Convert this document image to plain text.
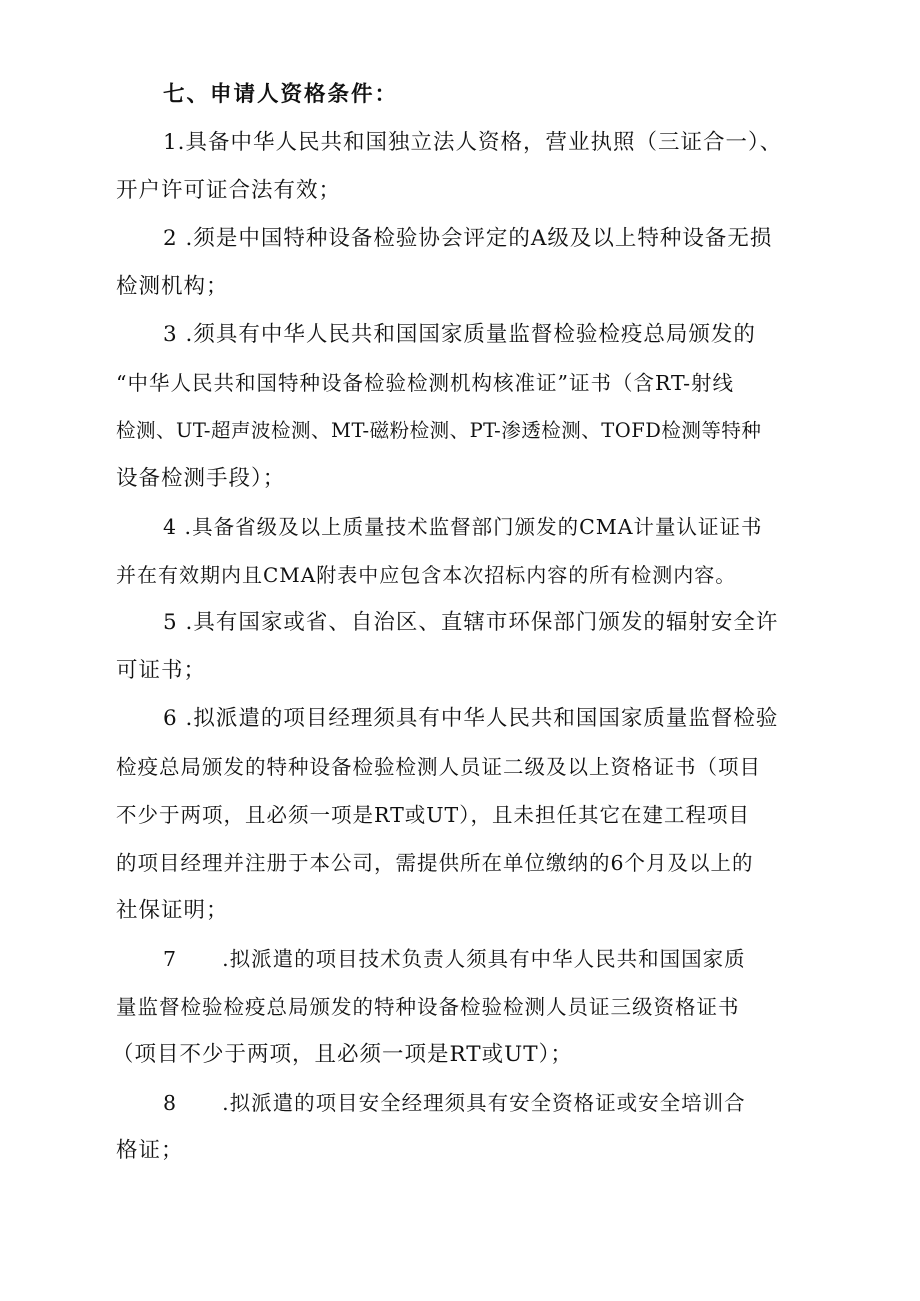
七、申请人资格条件：
1.具备中华人民共和国独立法人资格，营业执照（三证合一）、
开户许可证合法有效；
2 .须是中国特种设备检验协会评定的A级及以上特种设备无损
检测机构；
3 .须具有中华人民共和国国家质量监督检验检疫总局颁发的
“中华人民共和国特种设备检验检测机构核准证”证书（含RT-射线
检测、UT-超声波检测、MT-磁粉检测、PT-渗透检测、TOFD检测等特种
设备检测手段）；
4 .具备省级及以上质量技术监督部门颁发的CMA计量认证证书
并在有效期内且CMA附表中应包含本次招标内容的所有检测内容。
5 .具有国家或省、自治区、直辖市环保部门颁发的辐射安全许
可证书；
6 .拟派遣的项目经理须具有中华人民共和国国家质量监督检验
检疫总局颁发的特种设备检验检测人员证二级及以上资格证书（项目
不少于两项，且必须一项是RT或UT），且未担任其它在建工程项目
的项目经理并注册于本公司，需提供所在单位缴纳的6个月及以上的
社保证明；
7      .拟派遣的项目技术负责人须具有中华人民共和国国家质
量监督检验检疫总局颁发的特种设备检验检测人员证三级资格证书
（项目不少于两项，且必须一项是RT或UT）；
8      .拟派遣的项目安全经理须具有安全资格证或安全培训合
格证；
